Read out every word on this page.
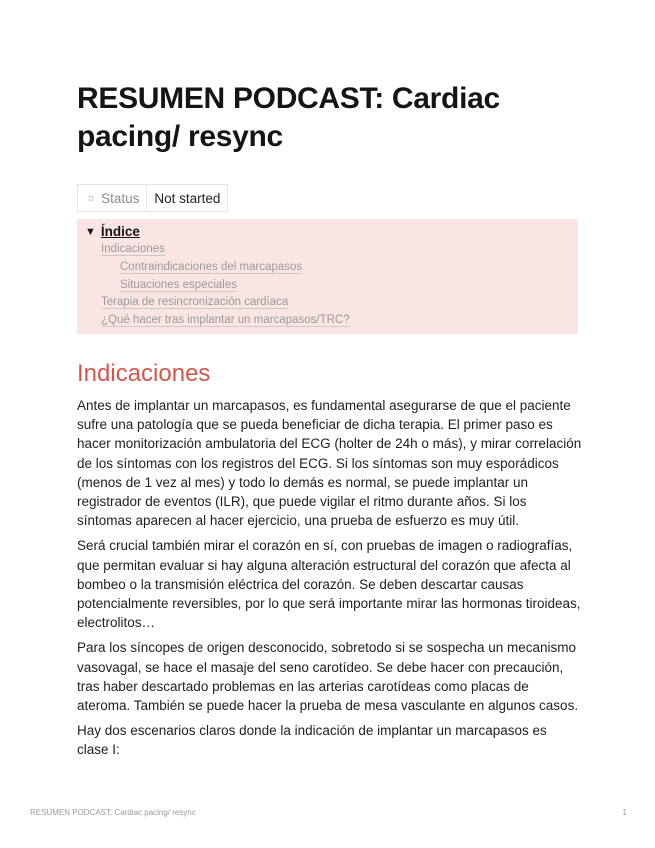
RESUMEN PODCAST: Cardiac pacing/ resync
☼ Status	Not started
▼ Índice
Indicaciones
Contraindicaciones del marcapasos
Situaciones especiales
Terapia de resincronización cardíaca
¿Qué hacer tras implantar un marcapasos/TRC?
Indicaciones

Antes de implantar un marcapasos, es fundamental asegurarse de que el paciente sufre una patología que se pueda beneficiar de dicha terapia. El primer paso es hacer monitorización ambulatoria del ECG (holter de 24h o más), y mirar correlación de los síntomas con los registros del ECG. Si los síntomas son muy esporádicos (menos de 1 vez al mes) y todo lo demás es normal, se puede implantar un registrador de eventos (ILR), que puede vigilar el ritmo durante años. Si los síntomas aparecen al hacer ejercicio, una prueba de esfuerzo es muy útil.

Será crucial también mirar el corazón en sí, con pruebas de imagen o radiografías, que permitan evaluar si hay alguna alteración estructural del corazón que afecta al bombeo o la transmisión eléctrica del corazón. Se deben descartar causas potencialmente reversibles, por lo que será importante mirar las hormonas tiroideas, electrolitos…

Para los síncopes de origen desconocido, sobretodo si se sospecha un mecanismo vasovagal, se hace el masaje del seno carotídeo. Se debe hacer con precaución, tras haber descartado problemas en las arterias carotídeas como placas de ateroma. También se puede hacer la prueba de mesa vasculante en algunos casos.

Hay dos escenarios claros donde la indicación de implantar un marcapasos es clase I:

RESUMEN PODCAST: Cardiac pacing/ resync	1
